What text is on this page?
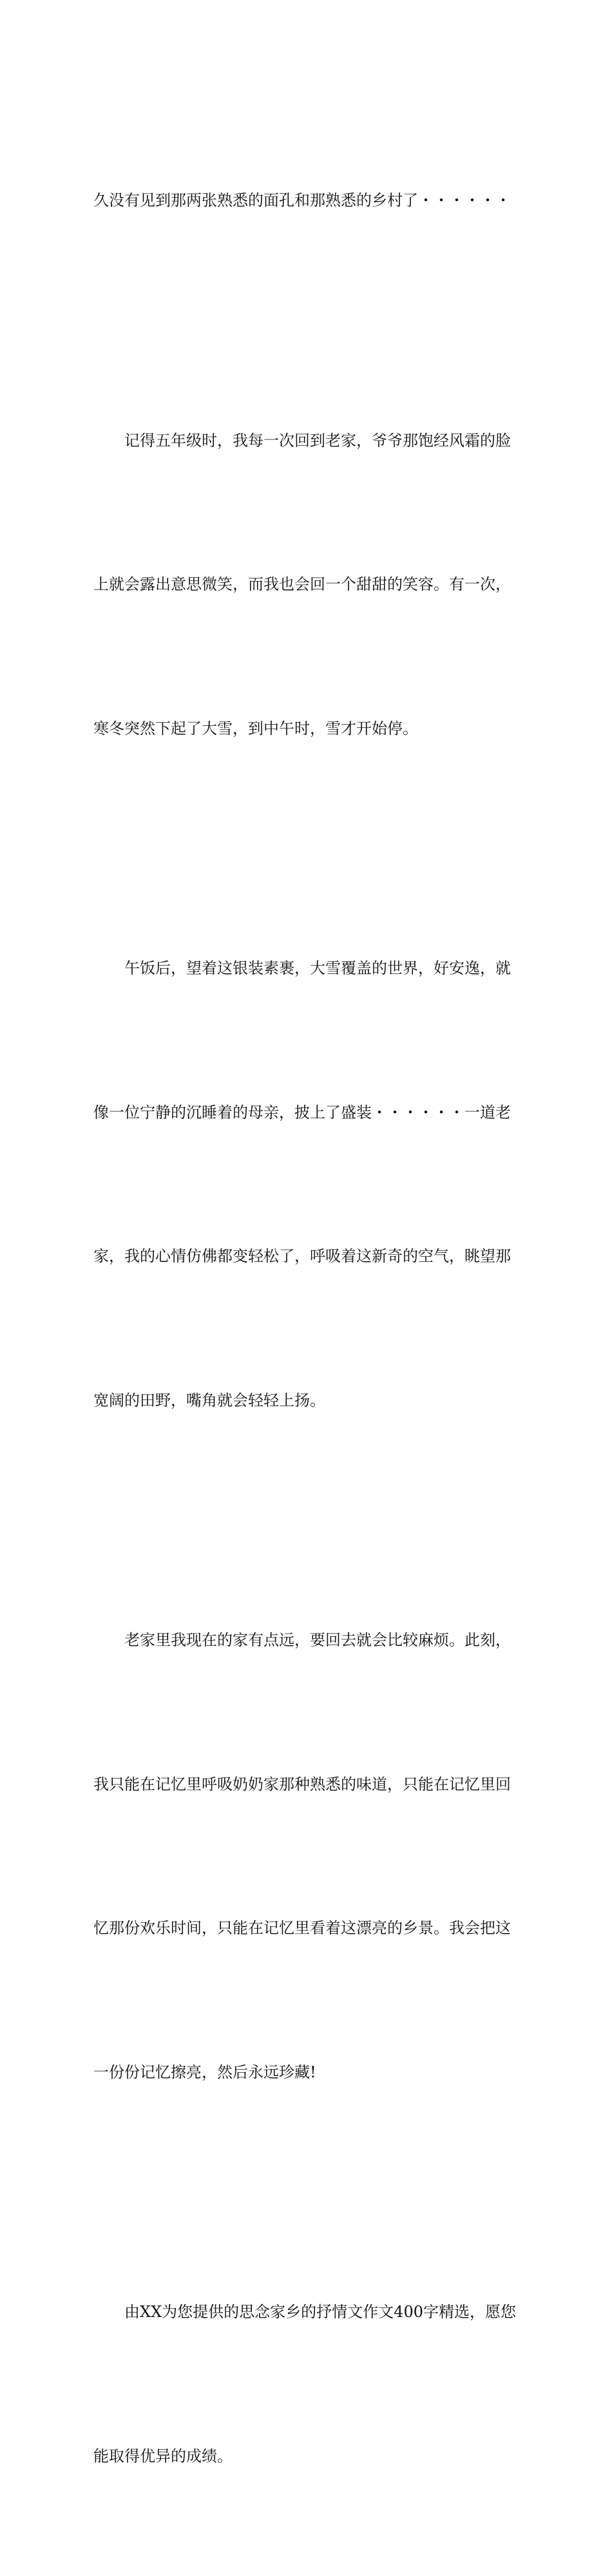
久没有见到那两张熟悉的面孔和那熟悉的乡村了・・・・・・

记得五年级时，我每一次回到老家，爷爷那饱经风霜的脸

上就会露出意思微笑，而我也会回一个甜甜的笑容。有一次，

寒冬突然下起了大雪，到中午时，雪才开始停。

午饭后，望着这银装素裹，大雪覆盖的世界，好安逸，就

像一位宁静的沉睡着的母亲，披上了盛装・・・・・・一道老

家，我的心情仿佛都变轻松了，呼吸着这新奇的空气，眺望那

宽阔的田野，嘴角就会轻轻上扬。

老家里我现在的家有点远，要回去就会比较麻烦。此刻，

我只能在记忆里呼吸奶奶家那种熟悉的味道，只能在记忆里回

忆那份欢乐时间，只能在记忆里看着这漂亮的乡景。我会把这

一份份记忆擦亮，然后永远珍藏!

由XX为您提供的思念家乡的抒情文作文400字精选，愿您

能取得优异的成绩。
